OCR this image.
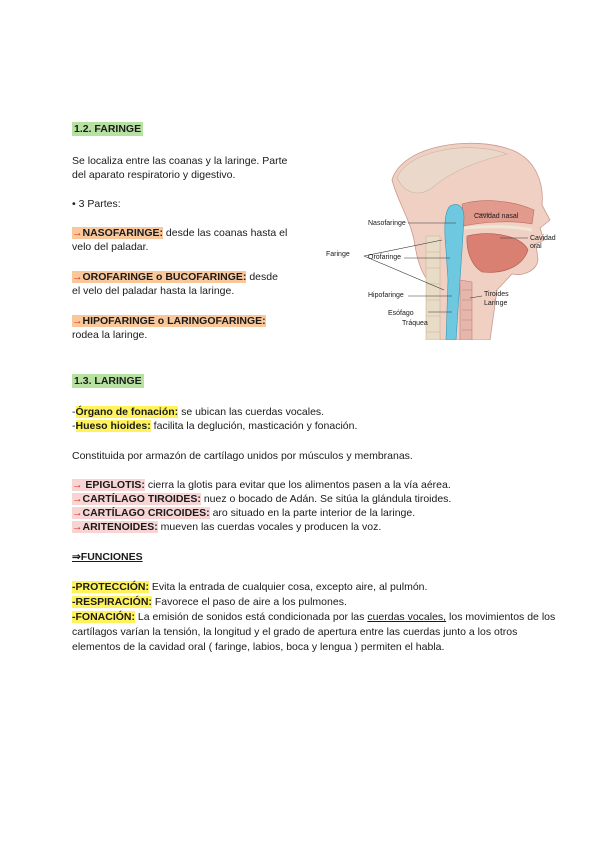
1.2. FARINGE
Se localiza entre las coanas y la laringe. Parte
del aparato respiratorio y digestivo.
• 3 Partes:
→NASOFARINGE: desde las coanas hasta el
velo del paladar.
→OROFARINGE o BUCOFARINGE: desde
el velo del paladar hasta la laringe.
→HIPOFARINGE o LARINGOFARINGE:
rodea la laringe.
Nasofaringe
Cavidad nasal
Faringe	Orofaringe
Cavidad oral
Hipofaringe	Tiroides
Laringe
Esófago
Tráquea
1.3. LARINGE
-Órgano de fonación: se ubican las cuerdas vocales.
-Hueso hioides: facilita la deglución, masticación y fonación.
Constituida por armazón de cartílago unidos por músculos y membranas.
→ EPIGLOTIS: cierra la glotis para evitar que los alimentos pasen a la vía aérea.
→CARTÍLAGO TIROIDES: nuez o bocado de Adán. Se sitúa la glándula tiroides.
→CARTÍLAGO CRICOIDES: aro situado en la parte interior de la laringe.
→ARITENOIDES: mueven las cuerdas vocales y producen la voz.
⇒FUNCIONES
-PROTECCIÓN: Evita la entrada de cualquier cosa, excepto aire, al pulmón.
-RESPIRACIÓN: Favorece el paso de aire a los pulmones.
-FONACIÓN: La emisión de sonidos está condicionada por las cuerdas vocales, los movimientos de los
cartílagos varían la tensión, la longitud y el grado de apertura entre las cuerdas junto a los otros
elementos de la cavidad oral ( faringe, labios, boca y lengua ) permiten el habla.
